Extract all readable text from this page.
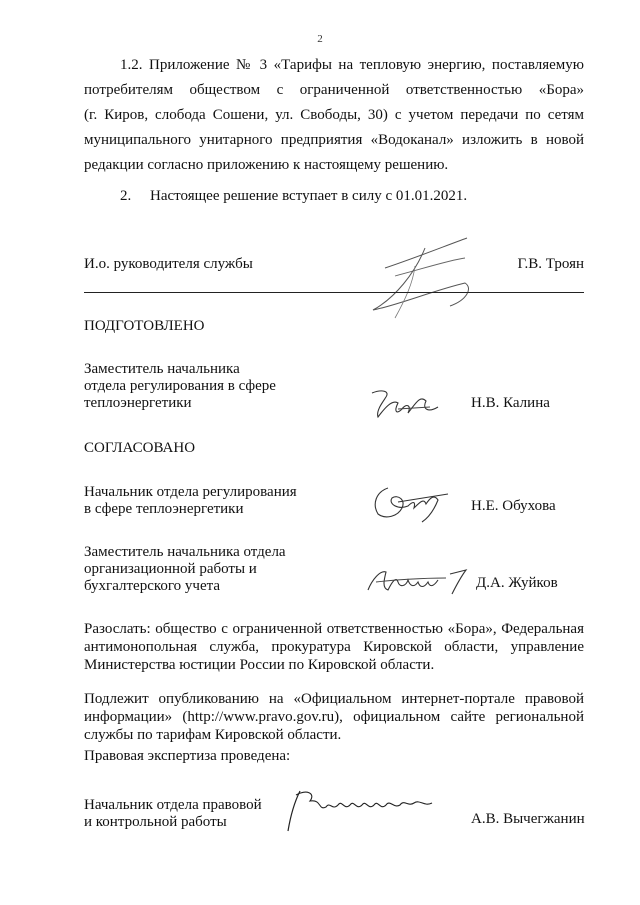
2
1.2. Приложение № 3 «Тарифы на тепловую энергию, поставляемую
потребителям обществом с ограниченной ответственностью «Бора»
(г. Киров, слобода Сошени, ул. Свободы, 30) с учетом передачи по сетям
муниципального унитарного предприятия «Водоканал» изложить в новой
редакции согласно приложению к настоящему решению.
2.     Настоящее решение вступает в силу с 01.01.2021.
И.о. руководителя службы	Г.В. Троян
ПОДГОТОВЛЕНО
Заместитель начальника
отдела регулирования в сфере
теплоэнергетики	Н.В. Калина
СОГЛАСОВАНО
Начальник отдела регулирования
в сфере теплоэнергетики	Н.Е. Обухова
Заместитель начальника отдела
организационной работы и
бухгалтерского учета	Д.А. Жуйков
Разослать: общество с ограниченной ответственностью «Бора», Федеральная
антимонопольная служба, прокуратура Кировской области, управление
Министерства юстиции России по Кировской области.
Подлежит опубликованию на «Официальном интернет-портале правовой
информации» (http://www.pravo.gov.ru), официальном сайте региональной
службы по тарифам Кировской области.
Правовая экспертиза проведена:
Начальник отдела правовой
и контрольной работы	А.В. Вычегжанин
